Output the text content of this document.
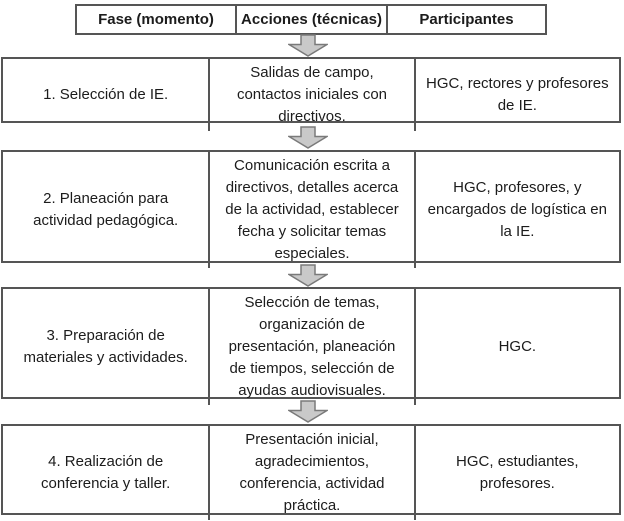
Fase (momento)	Acciones (técnicas)	Participantes
1. Selección de IE.
Salidas de campo, contactos iniciales con directivos.
HGC, rectores y profesores de IE.
2. Planeación para actividad pedagógica.
Comunicación escrita a directivos, detalles acerca de la actividad, establecer fecha y solicitar temas especiales.
HGC, profesores, y encargados de logística en la IE.
3. Preparación de materiales y actividades.
Selección de temas, organización de presentación, planeación de tiempos, selección de ayudas audiovisuales.
HGC.
4. Realización de conferencia y taller.
Presentación inicial, agradecimientos, conferencia, actividad práctica.
HGC, estudiantes, profesores.
